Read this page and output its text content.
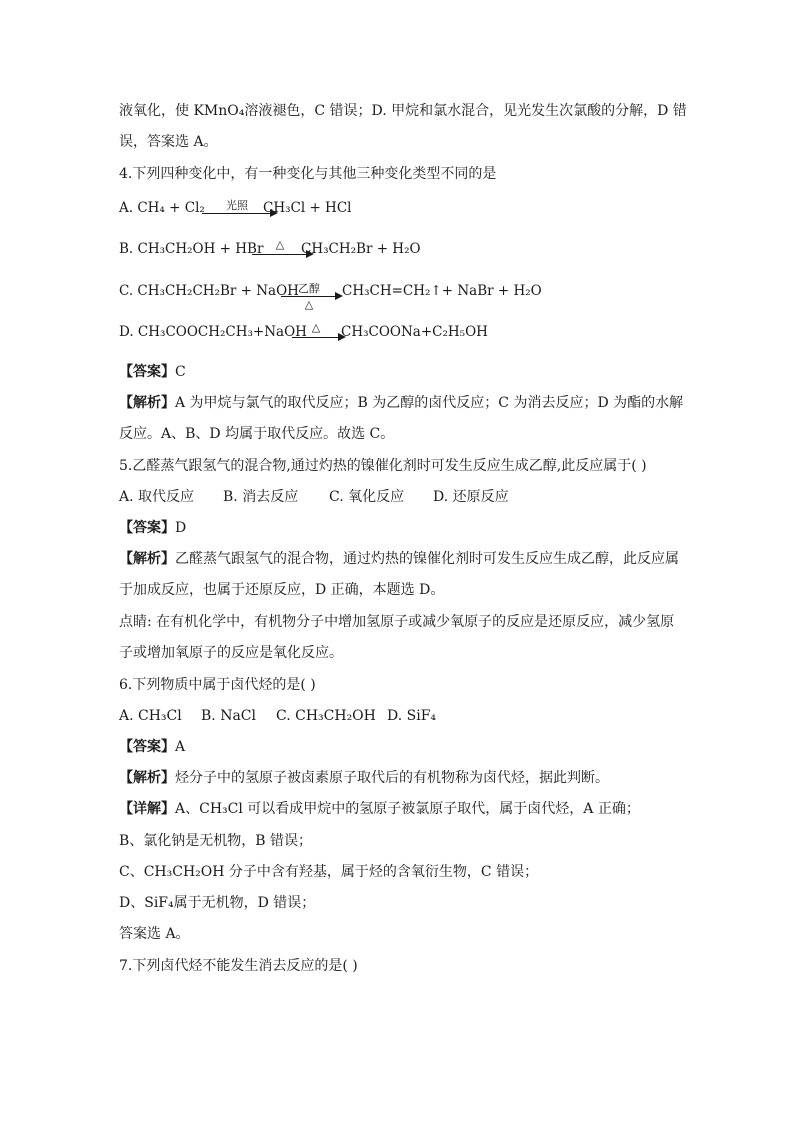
液氧化，使 KMnO₄溶液褪色，C 错误；D. 甲烷和氯水混合，见光发生次氯酸的分解，D 错
误，答案选 A。
4.下列四种变化中，有一种变化与其他三种变化类型不同的是
A. CH₄ + Cl₂	光照	CH₃Cl + HCl
B. CH₃CH₂OH + HBr	△	CH₃CH₂Br + H₂O
C. CH₃CH₂CH₂Br + NaOH 乙醇
△
CH₃CH=CH₂↑+ NaBr + H₂O
D. CH₃COOCH₂CH₃+NaOH △	CH₃COONa+C₂H₅OH
【答案】C
【解析】A 为甲烷与氯气的取代反应；B 为乙醇的卤代反应；C 为消去反应；D 为酯的水解
反应。A、B、D 均属于取代反应。故选 C。
5.乙醛蒸气跟氢气的混合物,通过灼热的镍催化剂时可发生反应生成乙醇,此反应属于( )
A. 取代反应 B. 消去反应 C. 氧化反应 D. 还原反应
【答案】D
【解析】乙醛蒸气跟氢气的混合物，通过灼热的镍催化剂时可发生反应生成乙醇，此反应属
于加成反应，也属于还原反应，D 正确，本题选 D。
点睛: 在有机化学中，有机物分子中增加氢原子或减少氧原子的反应是还原反应，减少氢原
子或增加氧原子的反应是氧化反应。
6.下列物质中属于卤代烃的是( )
A. CH₃Cl B. NaCl C. CH₃CH₂OH D. SiF₄
【答案】A
【解析】烃分子中的氢原子被卤素原子取代后的有机物称为卤代烃，据此判断。
【详解】A、CH₃Cl 可以看成甲烷中的氢原子被氯原子取代，属于卤代烃，A 正确；
B、氯化钠是无机物，B 错误；
C、CH₃CH₂OH 分子中含有羟基，属于烃的含氧衍生物，C 错误；
D、SiF₄属于无机物，D 错误；
答案选 A。
7.下列卤代烃不能发生消去反应的是( )
